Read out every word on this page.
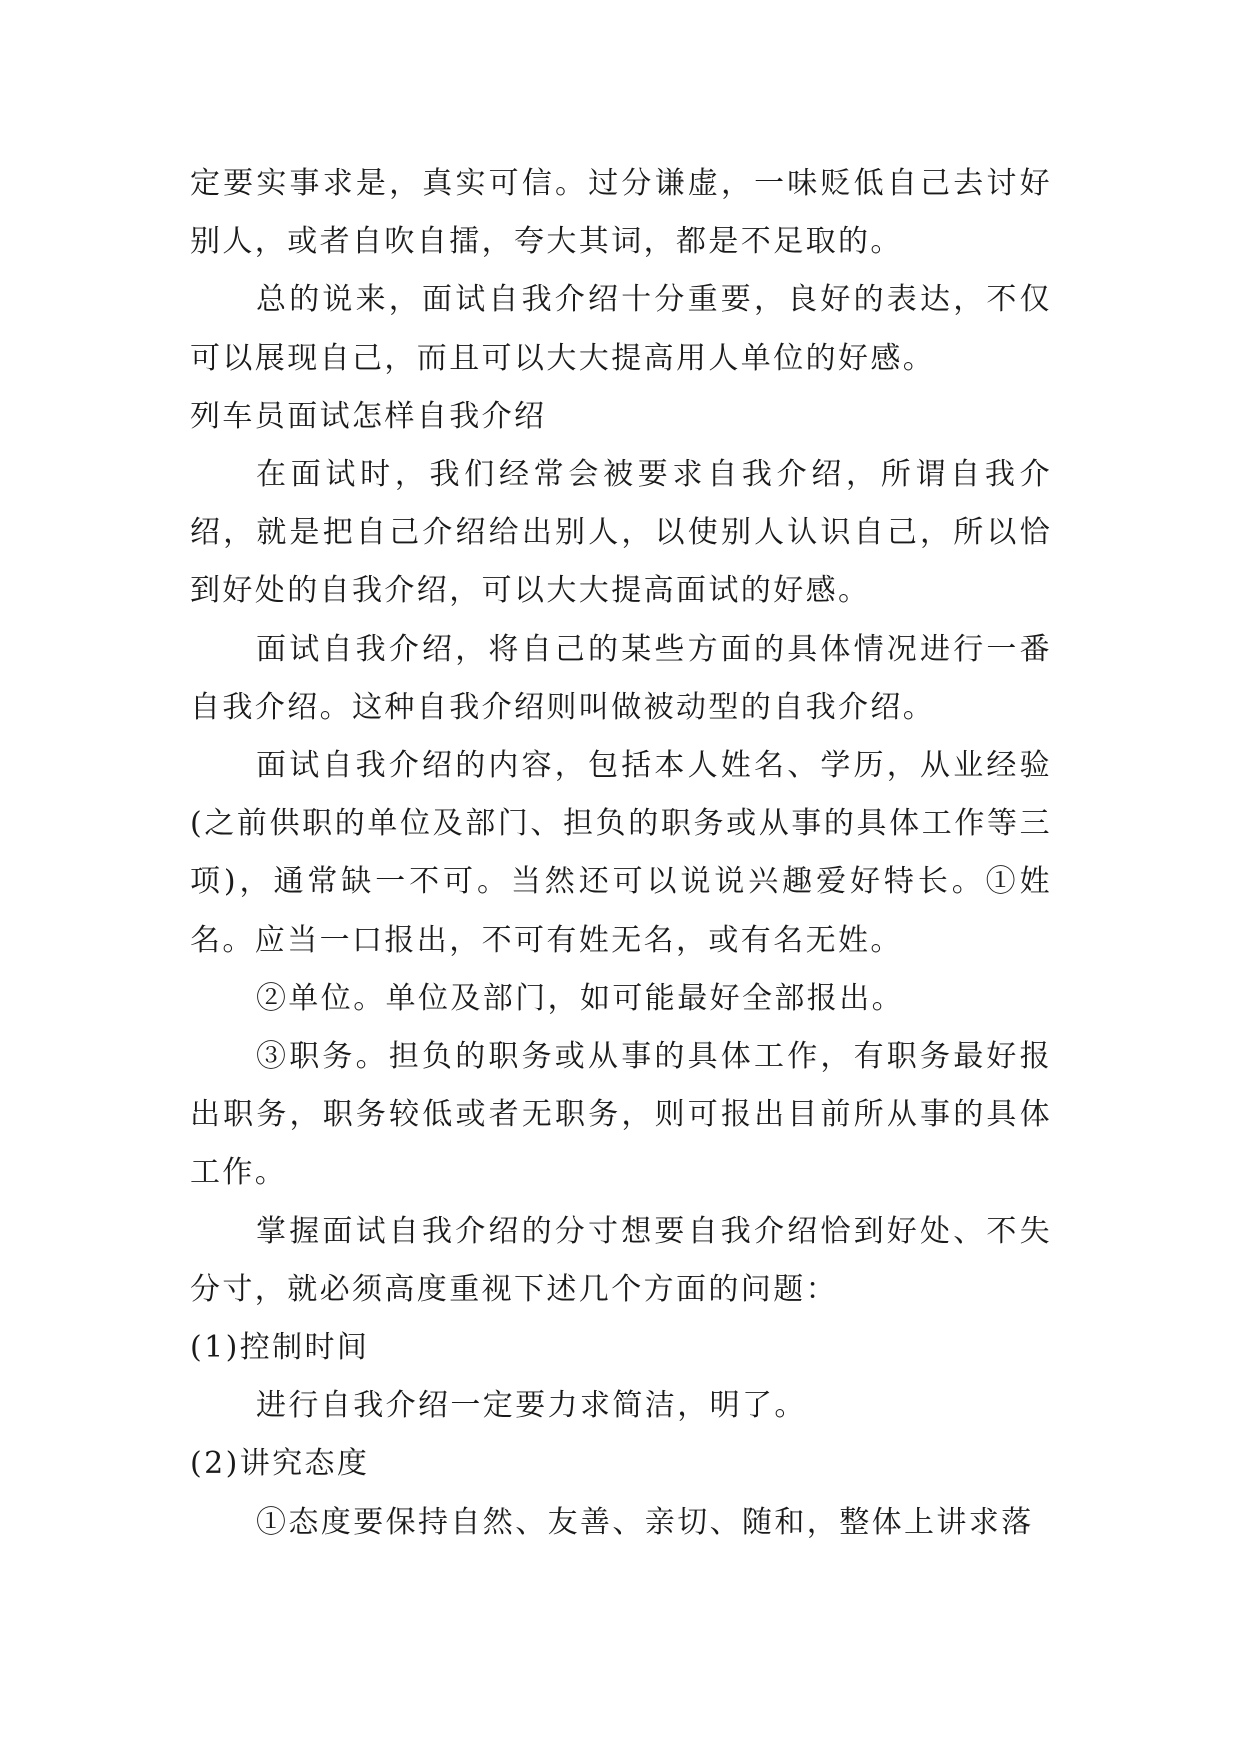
定要实事求是，真实可信。过分谦虚，一味贬低自己去讨好别人，或者自吹自擂，夸大其词，都是不足取的。

总的说来，面试自我介绍十分重要，良好的表达，不仅可以展现自己，而且可以大大提高用人单位的好感。

列车员面试怎样自我介绍

在面试时，我们经常会被要求自我介绍，所谓自我介绍，就是把自己介绍给出别人，以使别人认识自己，所以恰到好处的自我介绍，可以大大提高面试的好感。

面试自我介绍，将自己的某些方面的具体情况进行一番自我介绍。这种自我介绍则叫做被动型的自我介绍。

面试自我介绍的内容，包括本人姓名、学历，从业经验(之前供职的单位及部门、担负的职务或从事的具体工作等三项)，通常缺一不可。当然还可以说说兴趣爱好特长。①姓名。应当一口报出，不可有姓无名，或有名无姓。

②单位。单位及部门，如可能最好全部报出。

③职务。担负的职务或从事的具体工作，有职务最好报出职务，职务较低或者无职务，则可报出目前所从事的具体工作。

掌握面试自我介绍的分寸想要自我介绍恰到好处、不失分寸，就必须高度重视下述几个方面的问题：

(1)控制时间

进行自我介绍一定要力求简洁，明了。

(2)讲究态度

①态度要保持自然、友善、亲切、随和，整体上讲求落
